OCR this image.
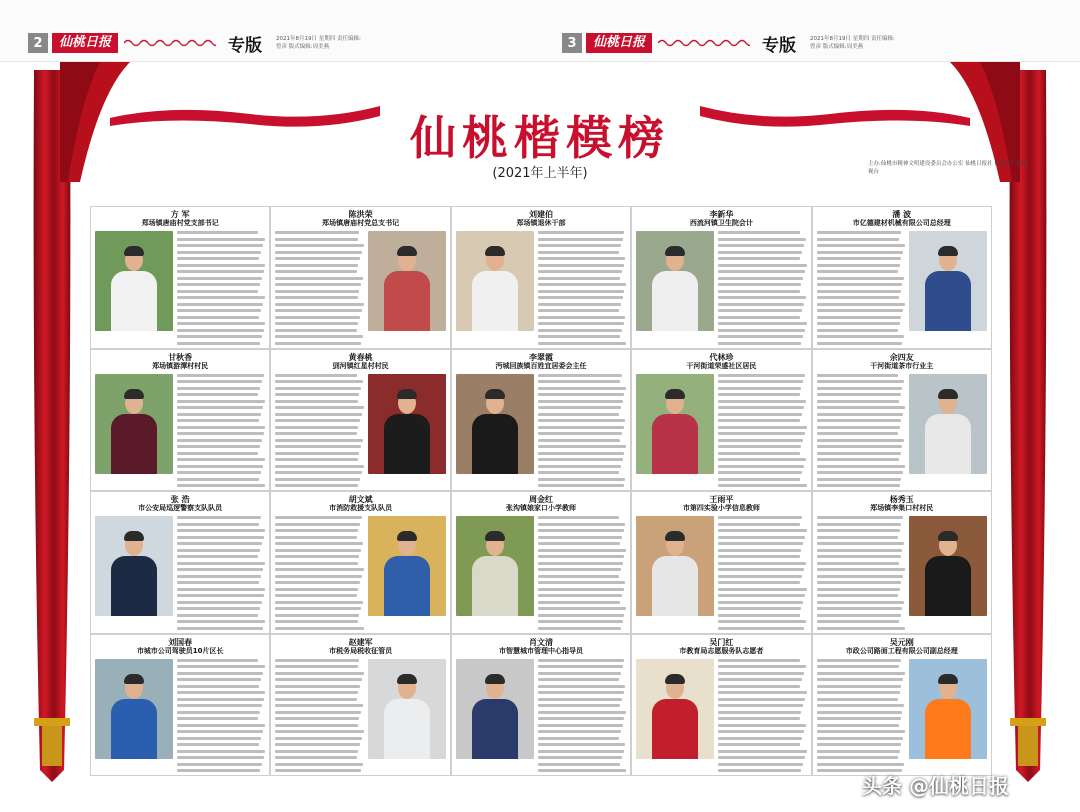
2	仙桃日报	专版	2021年8月19日 星期四 责任编辑:曾彦 版式编辑:周美燕	3	仙桃日报	专版	2021年8月19日 星期四 责任编辑:曾彦 版式编辑:周美燕
仙桃楷模榜
(2021年上半年)
主办:仙桃市精神文明建设委员会办公室 仙桃日报社 仙桃市广播电视台
方 军
郑场镇唐庙村党支部书记
陈洪荣
郑场镇唐庙村党总支书记
刘建伯
郑场镇退休干部
李新华
西流河镇卫生院会计
潘 波
市亿德建材机械有限公司总经理
甘秋香
郑场镇游潭村村民
黄春桃
剅河镇红星村村民
李翠霞
沔城回族镇百姓宜居委会主任
代林珍
干河街道荣盛社区居民
余四友
干河街道茶市行业主
张 浩
市公安局巡逻警察支队队员
胡文斌
市消防救援支队队员
周金红
张沟镇娘家口小学教师
王雨平
市第四实验小学信息教师
杨秀玉
郑场镇李集口村村民
刘国春
市城市公司驾驶员10片区长
赵建军
市税务局税收征管员
肖文清
市智慧城市管理中心指导员
吴门红
市教育局志愿服务队志愿者
吴元刚
市政公司路面工程有限公司副总经理
头条 @仙桃日报
